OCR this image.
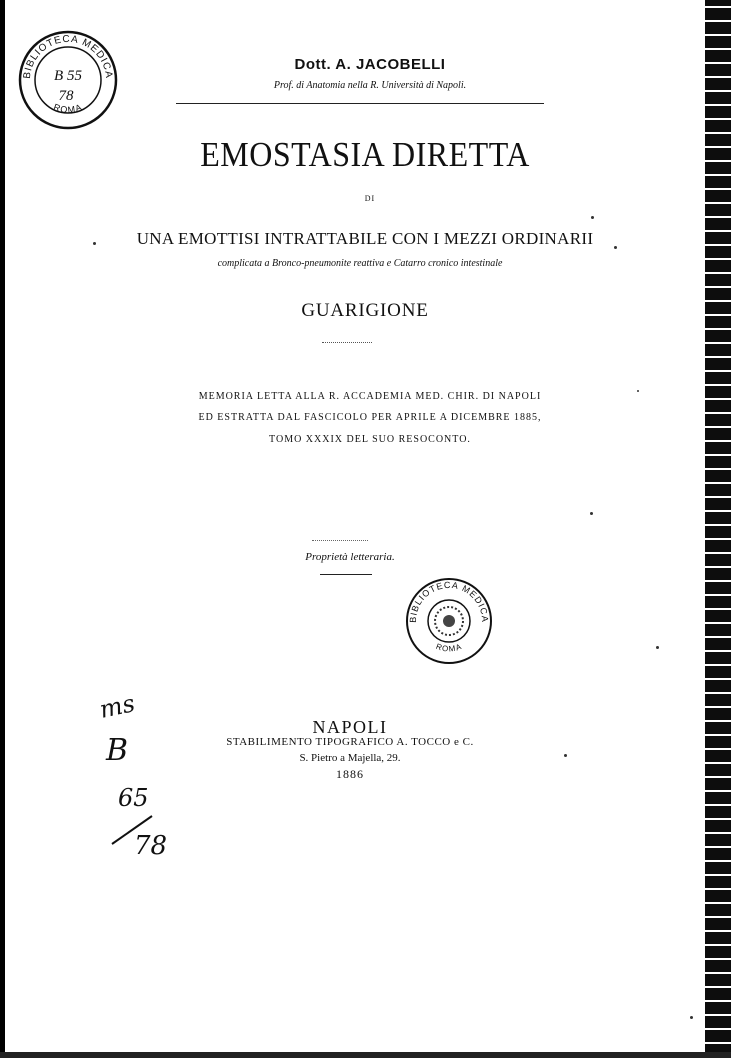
BIBLIOTECA MEDICA
ROMA
B 55
78
Dott. A. JACOBELLI
Prof. di Anatomia nella R. Università di Napoli.
EMOSTASIA DIRETTA
DI
UNA EMOTTISI INTRATTABILE CON I MEZZI ORDINARII
complicata a Bronco-pneumonite reattiva e Catarro cronico intestinale
GUARIGIONE
MEMORIA LETTA ALLA R. ACCADEMIA MED. CHIR. DI NAPOLI
ED ESTRATTA DAL FASCICOLO PER APRILE A DICEMBRE 1885,
TOMO XXXIX DEL SUO RESOCONTO.
Proprietà letteraria.
BIBLIOTECA MEDICA
ROMA
ms
B
65
78
NAPOLI
STABILIMENTO TIPOGRAFICO A. TOCCO e C.
S. Pietro a Majella, 29.
1886
